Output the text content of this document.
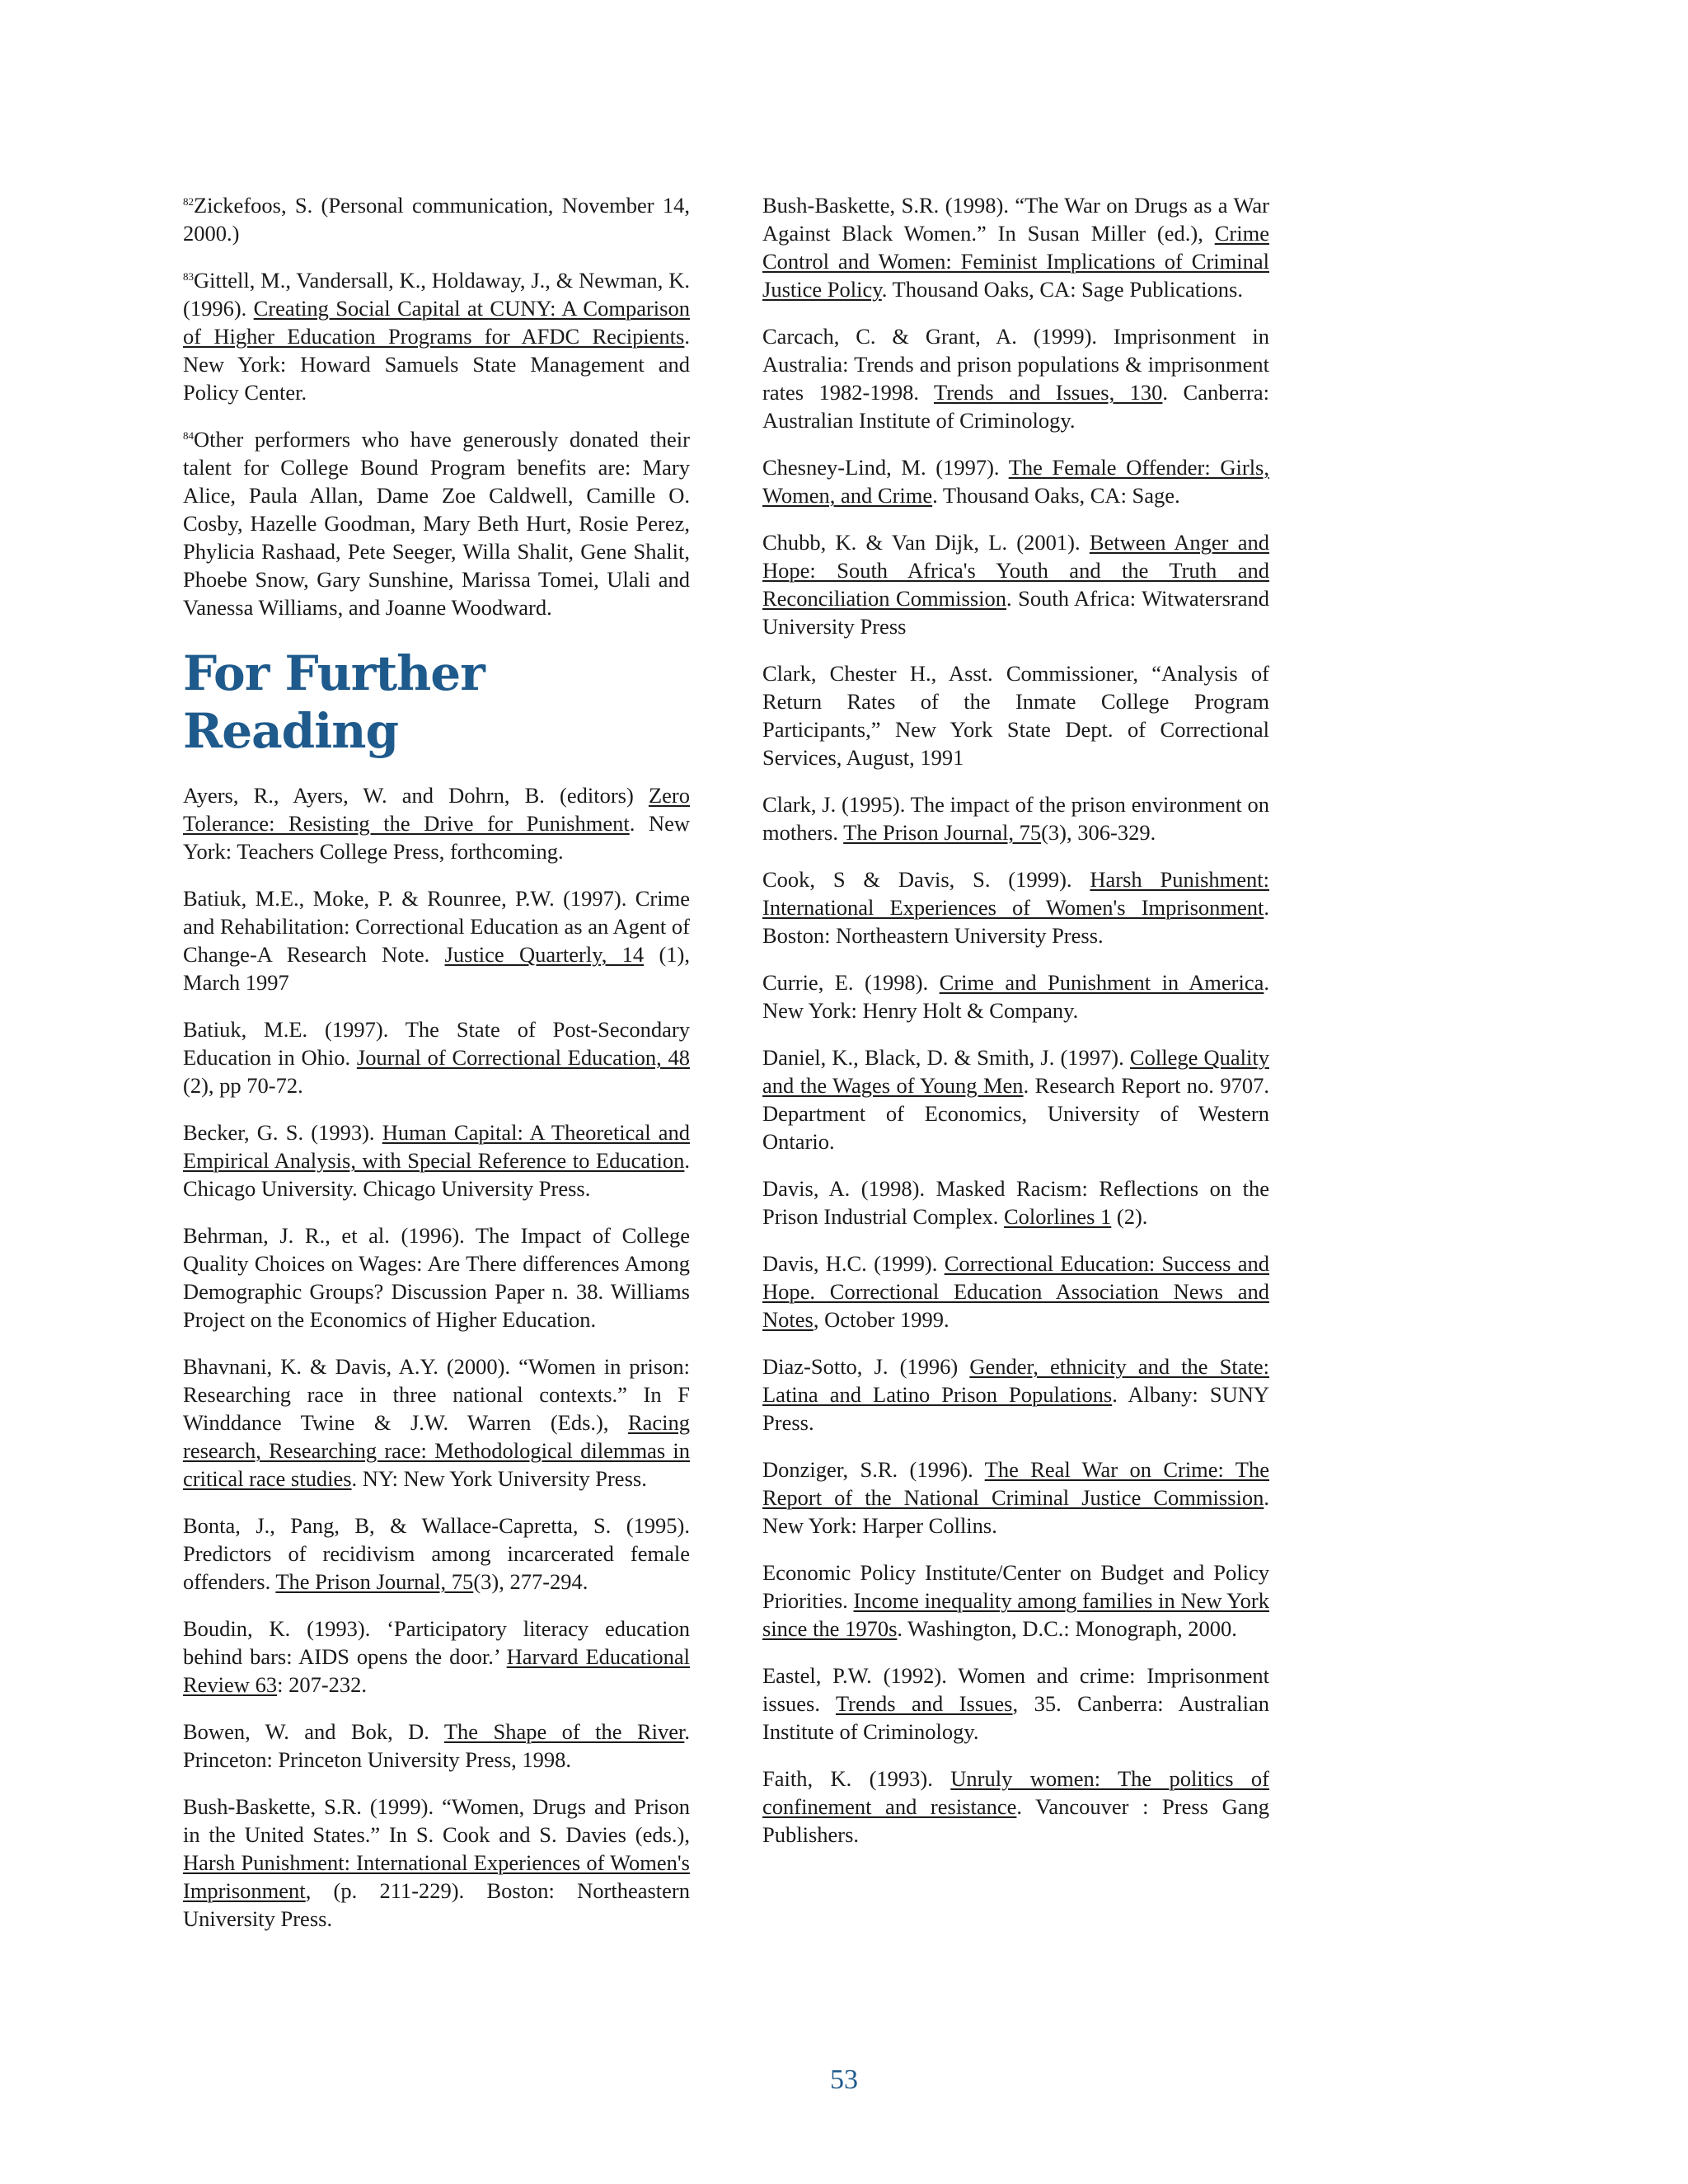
$^{82}$Zickefoos, S. (Personal communication, November 14, 2000.)

$^{83}$Gittell, M., Vandersall, K., Holdaway, J., & Newman, K. (1996). Creating Social Capital at CUNY: A Comparison of Higher Education Programs for AFDC Recipients. New York: Howard Samuels State Management and Policy Center.

$^{84}$Other performers who have generously donated their talent for College Bound Program benefits are: Mary Alice, Paula Allan, Dame Zoe Caldwell, Camille O. Cosby, Hazelle Goodman, Mary Beth Hurt, Rosie Perez, Phylicia Rashaad, Pete Seeger, Willa Shalit, Gene Shalit, Phoebe Snow, Gary Sunshine, Marissa Tomei, Ulali and Vanessa Williams, and Joanne Woodward.

For Further Reading

Ayers, R., Ayers, W. and Dohrn, B. (editors) Zero Tolerance: Resisting the Drive for Punishment. New York: Teachers College Press, forthcoming.

Batiuk, M.E., Moke, P. & Rounree, P.W. (1997). Crime and Rehabilitation: Correctional Education as an Agent of Change-A Research Note. Justice Quarterly, 14 (1), March 1997

Batiuk, M.E. (1997). The State of Post-Secondary Education in Ohio. Journal of Correctional Education, 48 (2), pp 70-72.

Becker, G. S. (1993). Human Capital: A Theoretical and Empirical Analysis, with Special Reference to Education. Chicago University. Chicago University Press.

Behrman, J. R., et al. (1996). The Impact of College Quality Choices on Wages: Are There differences Among Demographic Groups? Discussion Paper n. 38. Williams Project on the Economics of Higher Education.

Bhavnani, K. & Davis, A.Y. (2000). “Women in prison: Researching race in three national contexts.” In F Winddance Twine & J.W. Warren (Eds.), Racing research, Researching race: Methodological dilemmas in critical race studies. NY: New York University Press.

Bonta, J., Pang, B, & Wallace-Capretta, S. (1995). Predictors of recidivism among incarcerated female offenders. The Prison Journal, 75(3), 277-294.

Boudin, K. (1993). ‘Participatory literacy education behind bars: AIDS opens the door.’ Harvard Educational Review 63: 207-232.

Bowen, W. and Bok, D. The Shape of the River. Princeton: Princeton University Press, 1998.

Bush-Baskette, S.R. (1999). “Women, Drugs and Prison in the United States.” In S. Cook and S. Davies (eds.), Harsh Punishment: International Experiences of Women's Imprisonment, (p. 211-229). Boston: Northeastern University Press.

Bush-Baskette, S.R. (1998). “The War on Drugs as a War Against Black Women.” In Susan Miller (ed.), Crime Control and Women: Feminist Implications of Criminal Justice Policy. Thousand Oaks, CA: Sage Publications.

Carcach, C. & Grant, A. (1999). Imprisonment in Australia: Trends and prison populations & imprisonment rates 1982-1998. Trends and Issues, 130. Canberra: Australian Institute of Criminology.

Chesney-Lind, M. (1997). The Female Offender: Girls, Women, and Crime. Thousand Oaks, CA: Sage.

Chubb, K. & Van Dijk, L. (2001). Between Anger and Hope: South Africa's Youth and the Truth and Reconciliation Commission. South Africa: Witwatersrand University Press

Clark, Chester H., Asst. Commissioner, “Analysis of Return Rates of the Inmate College Program Participants,” New York State Dept. of Correctional Services, August, 1991

Clark, J. (1995). The impact of the prison environment on mothers. The Prison Journal, 75(3), 306-329.

Cook, S & Davis, S. (1999). Harsh Punishment: International Experiences of Women's Imprisonment. Boston: Northeastern University Press.

Currie, E. (1998). Crime and Punishment in America. New York: Henry Holt & Company.

Daniel, K., Black, D. & Smith, J. (1997). College Quality and the Wages of Young Men. Research Report no. 9707. Department of Economics, University of Western Ontario.

Davis, A. (1998). Masked Racism: Reflections on the Prison Industrial Complex. Colorlines 1 (2).

Davis, H.C. (1999). Correctional Education: Success and Hope. Correctional Education Association News and Notes, October 1999.

Diaz-Sotto, J. (1996) Gender, ethnicity and the State: Latina and Latino Prison Populations. Albany: SUNY Press.

Donziger, S.R. (1996). The Real War on Crime: The Report of the National Criminal Justice Commission. New York: Harper Collins.

Economic Policy Institute/Center on Budget and Policy Priorities. Income inequality among families in New York since the 1970s. Washington, D.C.: Monograph, 2000.

Eastel, P.W. (1992). Women and crime: Imprisonment issues. Trends and Issues, 35. Canberra: Australian Institute of Criminology.

Faith, K. (1993). Unruly women: The politics of confinement and resistance. Vancouver : Press Gang Publishers.

53
